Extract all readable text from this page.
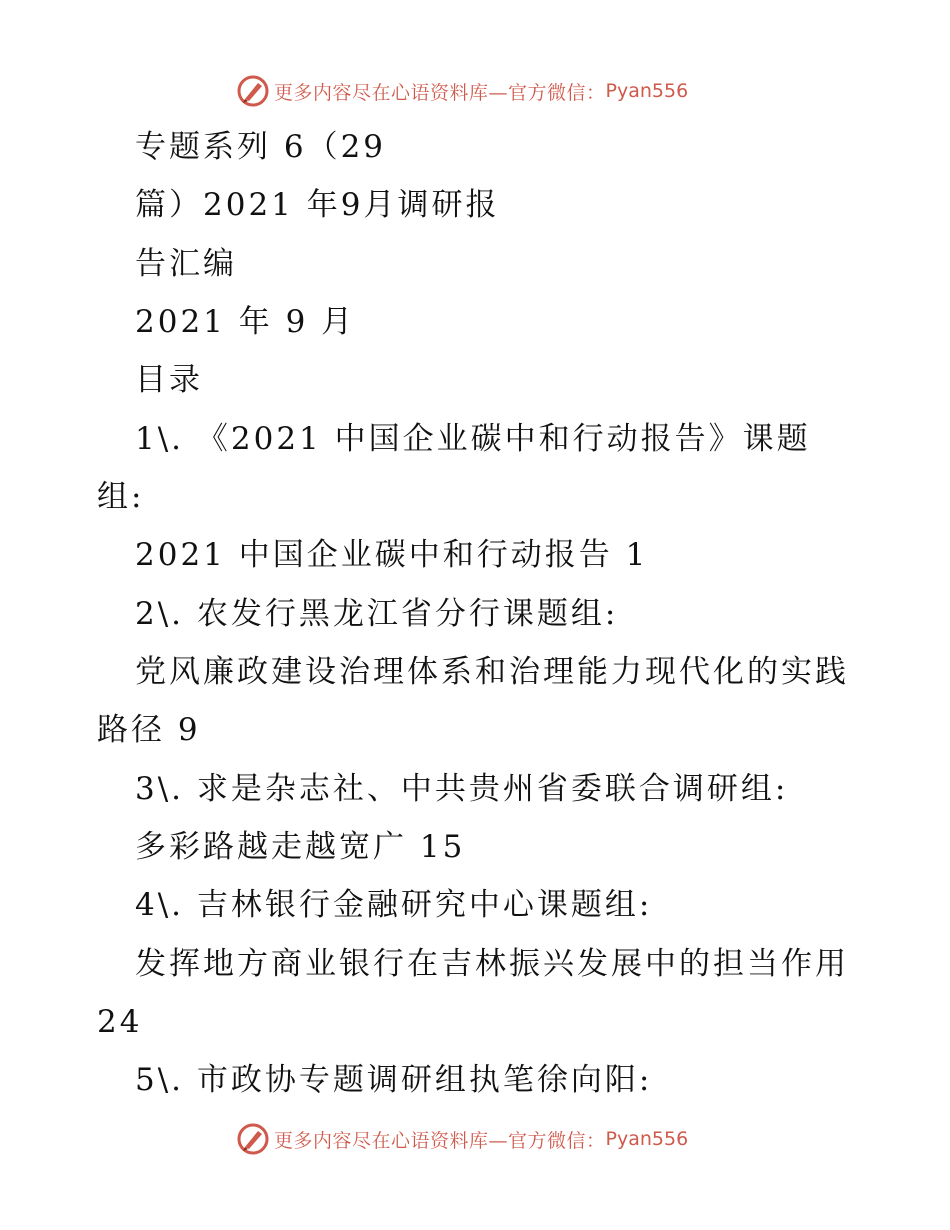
更多内容尽在心语资料库—官方微信： Pyan556
专题系列 6（29
篇）2021 年9月调研报
告汇编
2021 年 9 月
目录
1\. 《2021 中国企业碳中和行动报告》课题
组:
2021 中国企业碳中和行动报告 1
2\. 农发行黑龙江省分行课题组:
党风廉政建设治理体系和治理能力现代化的实践
路径 9
3\. 求是杂志社、中共贵州省委联合调研组:
多彩路越走越宽广 15
4\. 吉林银行金融研究中心课题组:
发挥地方商业银行在吉林振兴发展中的担当作用
24
5\. 市政协专题调研组执笔徐向阳:
更多内容尽在心语资料库—官方微信： Pyan556
